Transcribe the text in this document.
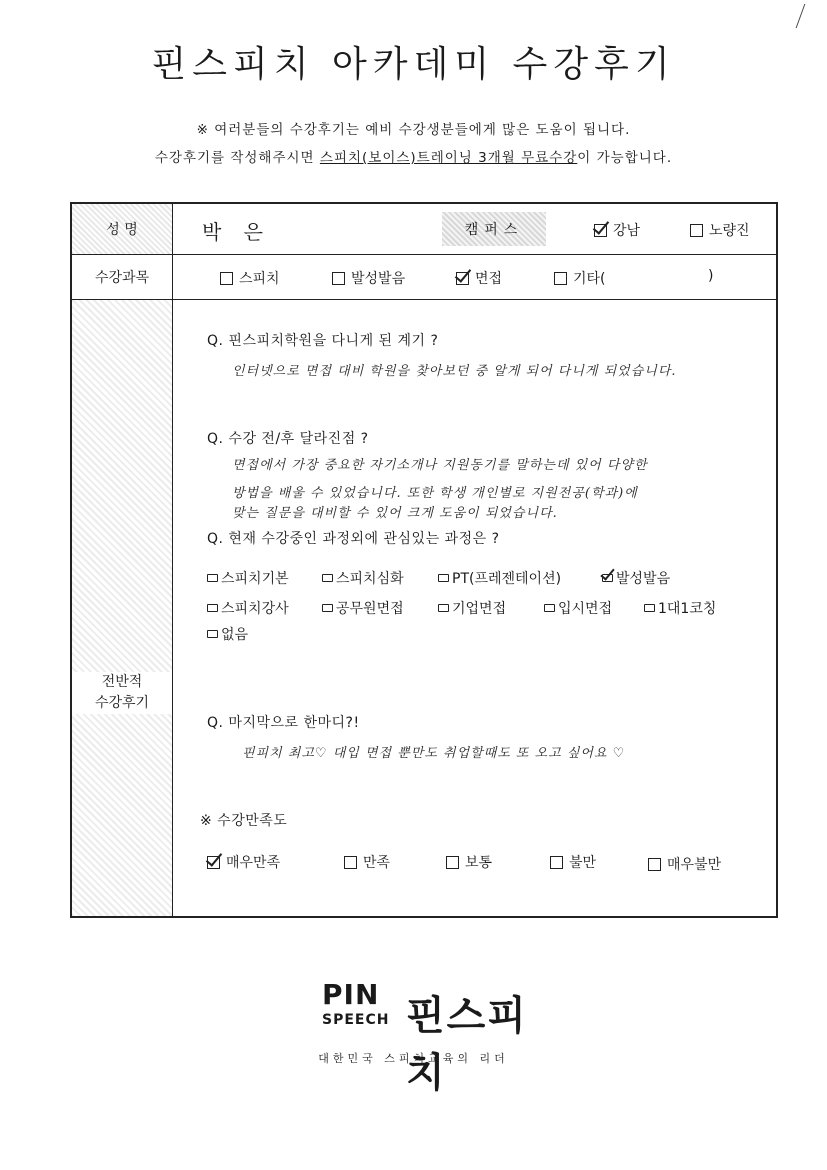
핀스피치 아카데미 수강후기
※ 여러분들의 수강후기는 예비 수강생분들에게 많은 도움이 됩니다.
수강후기를 작성해주시면 스피치(보이스)트레이닝 3개월 무료수강이 가능합니다.
성 명	박 은	캠퍼스	강남	노량진
수강과목	스피치	발성발음	면접	기타(	)
전반적
수강후기
Q. 핀스피치학원을 다니게 된 계기 ?
인터넷으로 면접 대비 학원을 찾아보던 중 알게 되어 다니게 되었습니다.
Q. 수강 전/후 달라진점 ?
면접에서 가장 중요한 자기소개나 지원동기를 말하는데 있어 다양한
방법을 배울 수 있었습니다. 또한 학생 개인별로 지원전공(학과)에
맞는 질문을 대비할 수 있어 크게 도움이 되었습니다.
Q. 현재 수강중인 과정외에 관심있는 과정은 ?
스피치기본	스피치심화	PT(프레젠테이션)	발성발음
스피치강사	공무원면접	기업면접	입시면접	1대1코칭
없음
Q. 마지막으로 한마디?!
핀피치 최고♡ 대입 면접 뿐만도 취업할때도 또 오고 싶어요 ♡
※ 수강만족도
매우만족	만족	보통	불만	매우불만
PIN
SPEECH 핀스피치
대한민국 스피치교육의 리더
